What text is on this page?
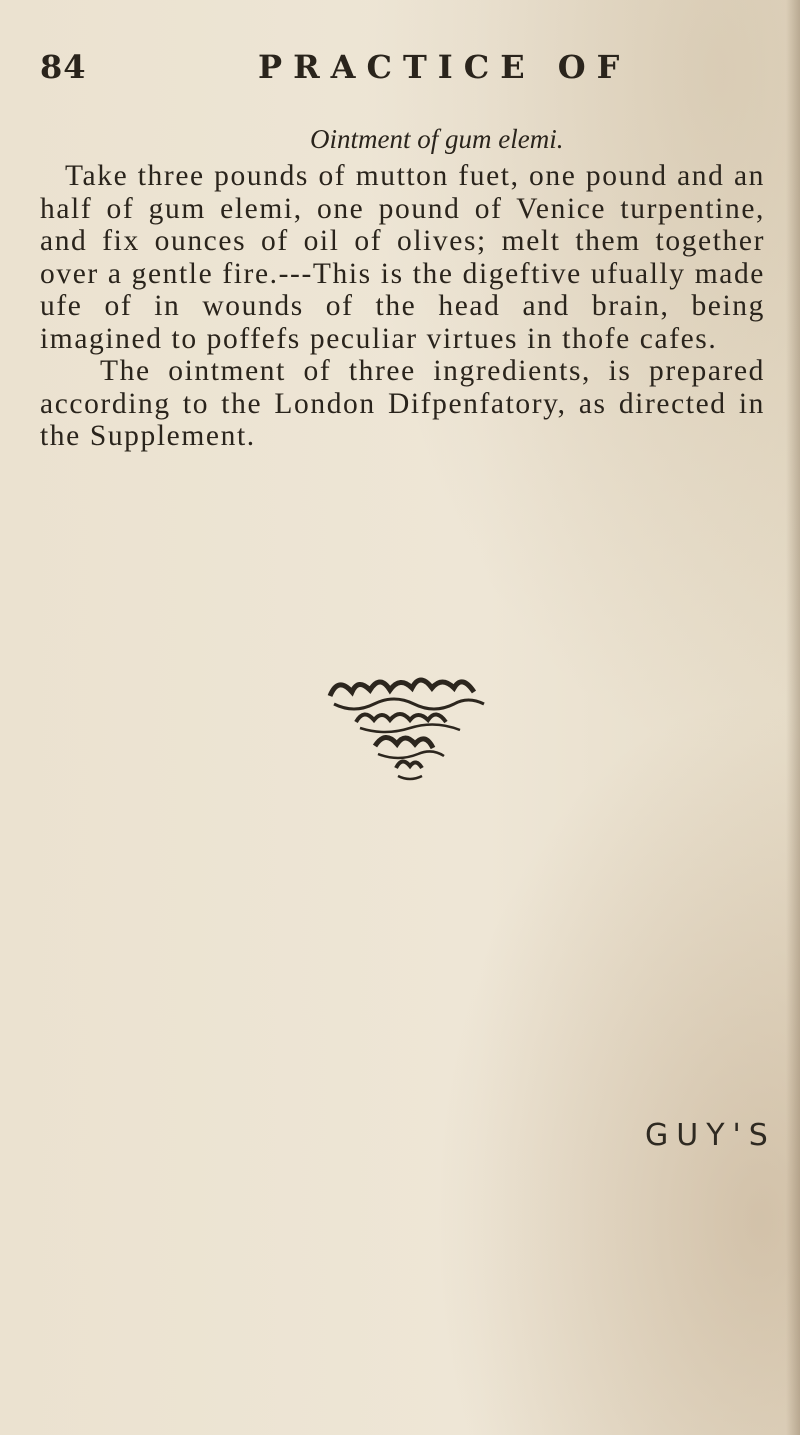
84	PRACTICE OF
Ointment of gum elemi.

Take three pounds of mutton fuet, one pound and an half of gum elemi, one pound of Venice turpentine, and fix ounces of oil of olives; melt them together over a gentle fire.---This is the digeftive ufually made ufe of in wounds of the head and brain, being imagined to poffefs peculiar virtues in thofe cafes.

The ointment of three ingredients, is prepared according to the London Difpenfatory, as directed in the Supplement.

GUY'S
